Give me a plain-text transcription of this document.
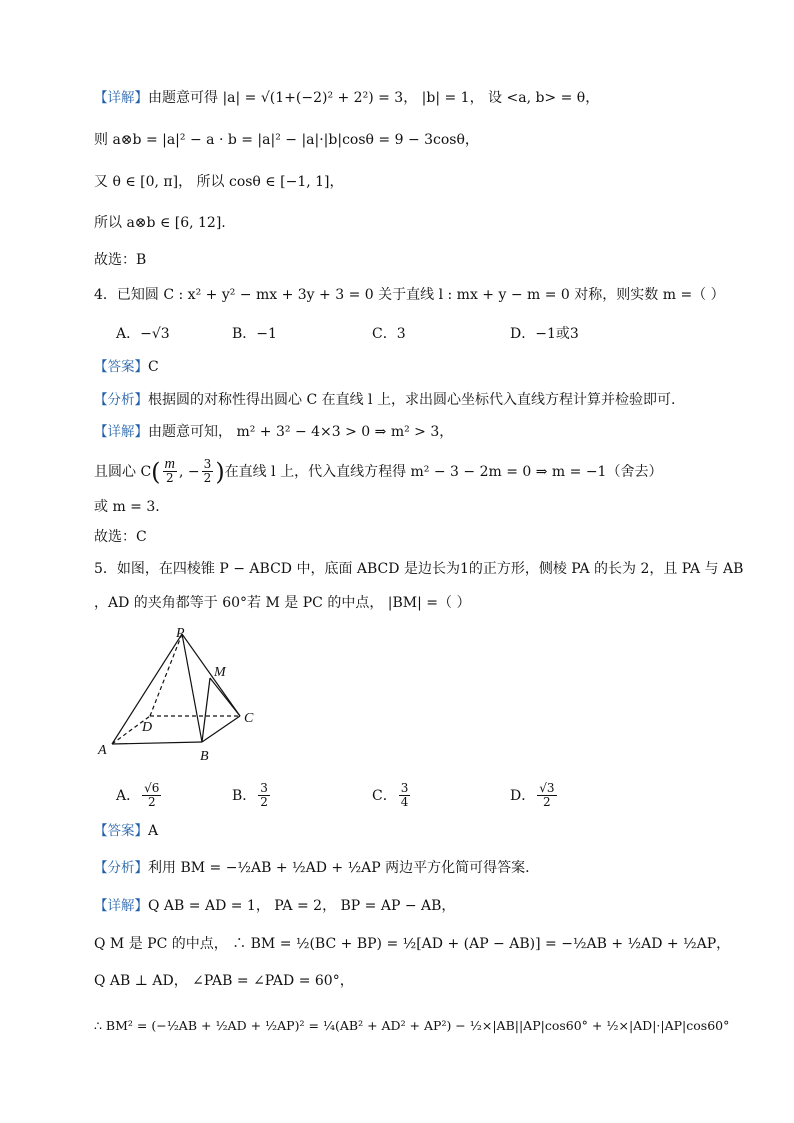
【详解】 由题意可得 |a| = √(1+(−2)² + 2²) = 3， |b| = 1， 设 <a, b> = θ，
则 a⊗b = |a|² − a · b = |a|² − |a|·|b|cosθ = 9 − 3cosθ，
又 θ ∈ [0, π]， 所以 cosθ ∈ [−1, 1]，
所以 a⊗b ∈ [6, 12].
故选：B
4．已知圆 C : x² + y² − mx + 3y + 3 = 0 关于直线 l : mx + y − m = 0 对称，则实数 m =（ ）
A．−√3	B．−1	C．3	D．−1或3
【答案】 C
【分析】 根据圆的对称性得出圆心 C 在直线 l 上，求出圆心坐标代入直线方程计算并检验即可.
【详解】 由题意可知， m² + 3² − 4×3 > 0 ⇒ m² > 3，
且圆心 C ( $\frac{m}{2}$ , − $\frac{3}{2}$ ) 在直线 l 上，代入直线方程得 m² − 3 − 2m = 0 ⇒ m = −1（舍去）
或 m = 3.
故选：C
5．如图，在四棱锥 P − ABCD 中，底面 ABCD 是边长为1的正方形，侧棱 PA 的长为 2，且 PA 与 AB
，AD 的夹角都等于 60°若 M 是 PC 的中点， |BM| =（ ）
P
M
D
C
A	B
A． $\frac{√6}{2}$	B． $\frac{3}{2}$	C． $\frac{3}{4}$	D． $\frac{√3}{2}$
【答案】 A
【分析】 利用 BM = −½AB + ½AD + ½AP 两边平方化简可得答案.
【详解】 Q AB = AD = 1， PA = 2， BP = AP − AB，
Q M 是 PC 的中点， ∴ BM = ½(BC + BP) = ½[AD + (AP − AB)] = −½AB + ½AD + ½AP，
Q AB ⊥ AD， ∠PAB = ∠PAD = 60°，
∴ BM² = (−½AB + ½AD + ½AP)² = ¼(AB² + AD² + AP²) − ½×|AB||AP|cos60° + ½×|AD|·|AP|cos60°
